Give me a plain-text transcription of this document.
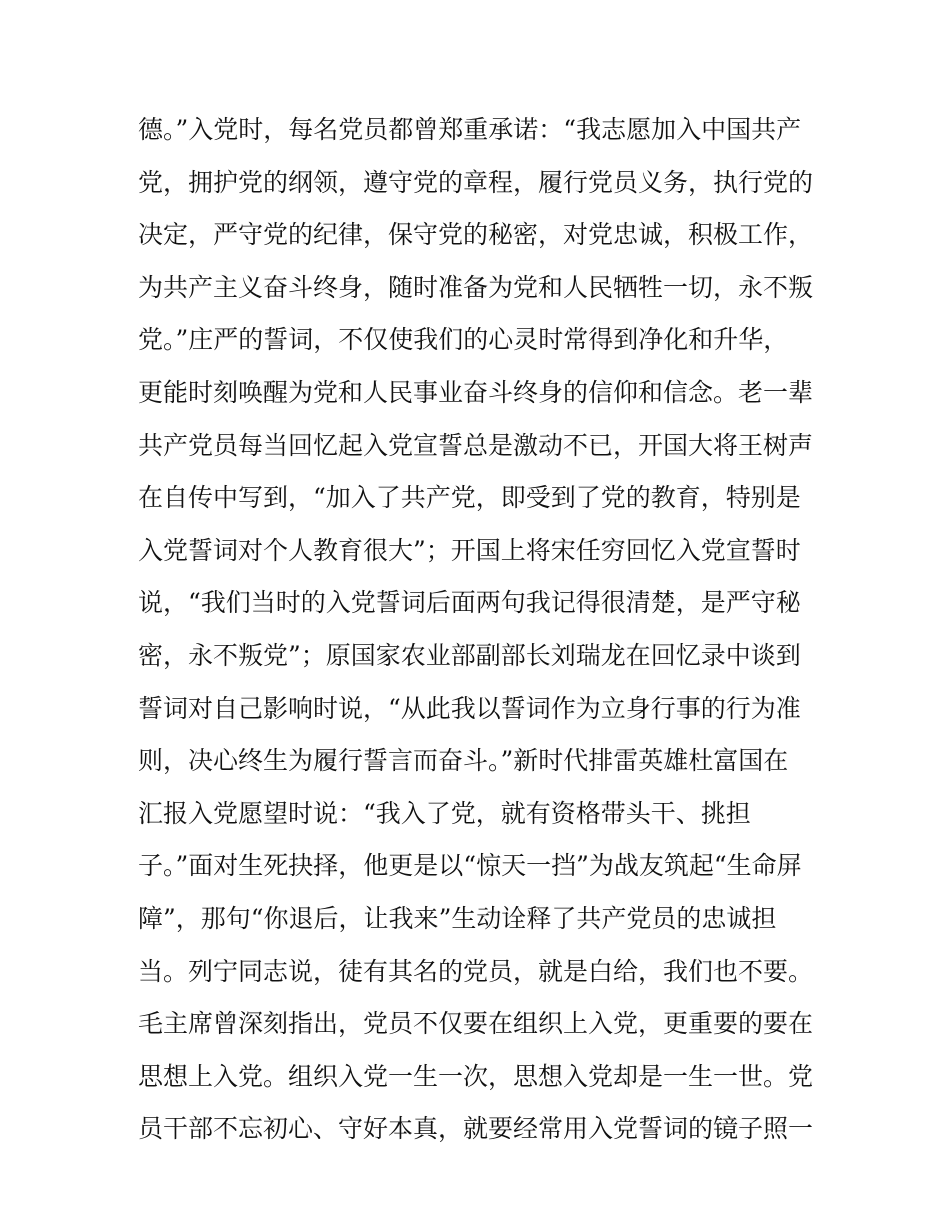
德。”入党时，每名党员都曾郑重承诺：“我志愿加入中国共产
党，拥护党的纲领，遵守党的章程，履行党员义务，执行党的
决定，严守党的纪律，保守党的秘密，对党忠诚，积极工作，
为共产主义奋斗终身，随时准备为党和人民牺牲一切，永不叛
党。”庄严的誓词，不仅使我们的心灵时常得到净化和升华，
更能时刻唤醒为党和人民事业奋斗终身的信仰和信念。老一辈
共产党员每当回忆起入党宣誓总是激动不已，开国大将王树声
在自传中写到，“加入了共产党，即受到了党的教育，特别是
入党誓词对个人教育很大”；开国上将宋任穷回忆入党宣誓时
说，“我们当时的入党誓词后面两句我记得很清楚，是严守秘
密，永不叛党”；原国家农业部副部长刘瑞龙在回忆录中谈到
誓词对自己影响时说，“从此我以誓词作为立身行事的行为准
则，决心终生为履行誓言而奋斗。”新时代排雷英雄杜富国在
汇报入党愿望时说：“我入了党，就有资格带头干、挑担
子。”面对生死抉择，他更是以“惊天一挡”为战友筑起“生命屏
障”，那句“你退后，让我来”生动诠释了共产党员的忠诚担
当。列宁同志说，徒有其名的党员，就是白给，我们也不要。
毛主席曾深刻指出，党员不仅要在组织上入党，更重要的要在
思想上入党。组织入党一生一次，思想入党却是一生一世。党
员干部不忘初心、守好本真，就要经常用入党誓词的镜子照一
